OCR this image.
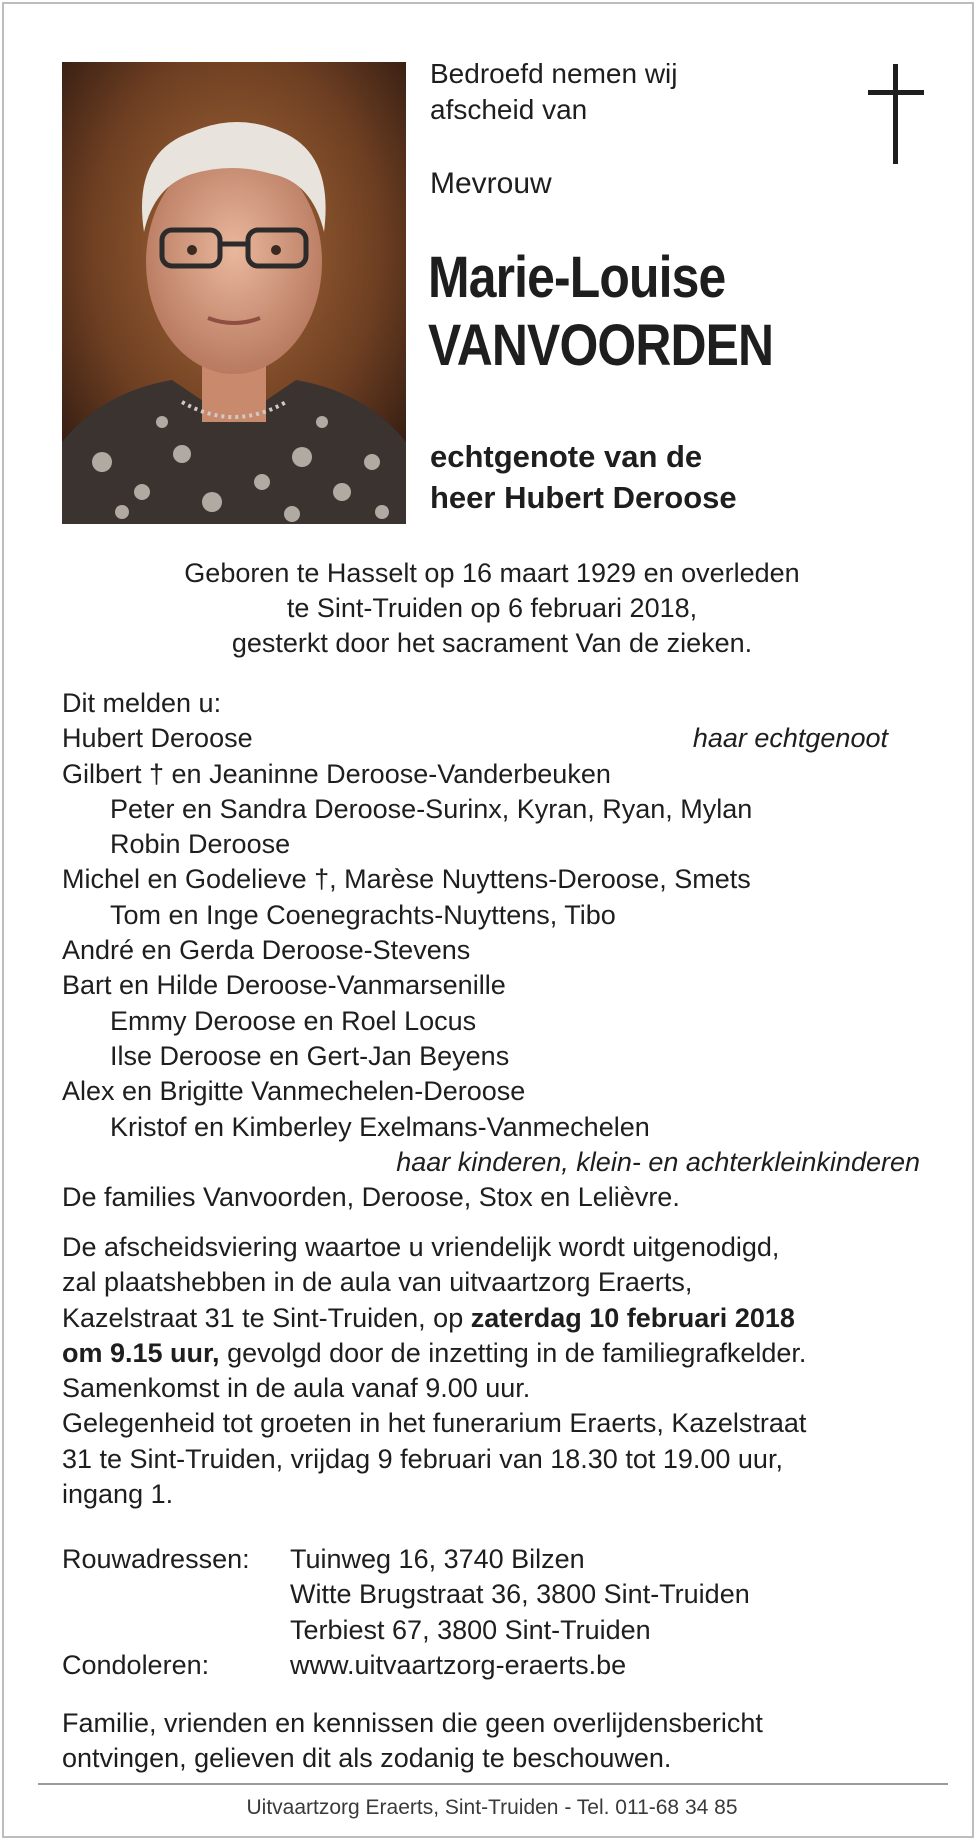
Bedroefd nemen wij
afscheid van
Mevrouw
Marie-Louise
VANVOORDEN
echtgenote van de
heer Hubert Deroose
Geboren te Hasselt op 16 maart 1929 en overleden
te Sint-Truiden op 6 februari 2018,
gesterkt door het sacrament Van de zieken.
Dit melden u:
Hubert Deroose	haar echtgenoot
Gilbert † en Jeaninne Deroose-Vanderbeuken
Peter en Sandra Deroose-Surinx, Kyran, Ryan, Mylan
Robin Deroose
Michel en Godelieve †, Marèse Nuyttens-Deroose, Smets
Tom en Inge Coenegrachts-Nuyttens, Tibo
André en Gerda Deroose-Stevens
Bart en Hilde Deroose-Vanmarsenille
Emmy Deroose en Roel Locus
Ilse Deroose en Gert-Jan Beyens
Alex en Brigitte Vanmechelen-Deroose
Kristof en Kimberley Exelmans-Vanmechelen
haar kinderen, klein- en achterkleinkinderen
De families Vanvoorden, Deroose, Stox en Lelièvre.
De afscheidsviering waartoe u vriendelijk wordt uitgenodigd,
zal plaatshebben in de aula van uitvaartzorg Eraerts,
Kazelstraat 31 te Sint-Truiden, op zaterdag 10 februari 2018
om 9.15 uur, gevolgd door de inzetting in de familiegrafkelder.
Samenkomst in de aula vanaf 9.00 uur.
Gelegenheid tot groeten in het funerarium Eraerts, Kazelstraat
31 te Sint-Truiden, vrijdag 9 februari van 18.30 tot 19.00 uur,
ingang 1.
Rouwadressen: Tuinweg 16, 3740 Bilzen
Witte Brugstraat 36, 3800 Sint-Truiden
Terbiest 67, 3800 Sint-Truiden
Condoleren:	www.uitvaartzorg-eraerts.be
Familie, vrienden en kennissen die geen overlijdensbericht
ontvingen, gelieven dit als zodanig te beschouwen.
Uitvaartzorg Eraerts, Sint-Truiden - Tel. 011-68 34 85
